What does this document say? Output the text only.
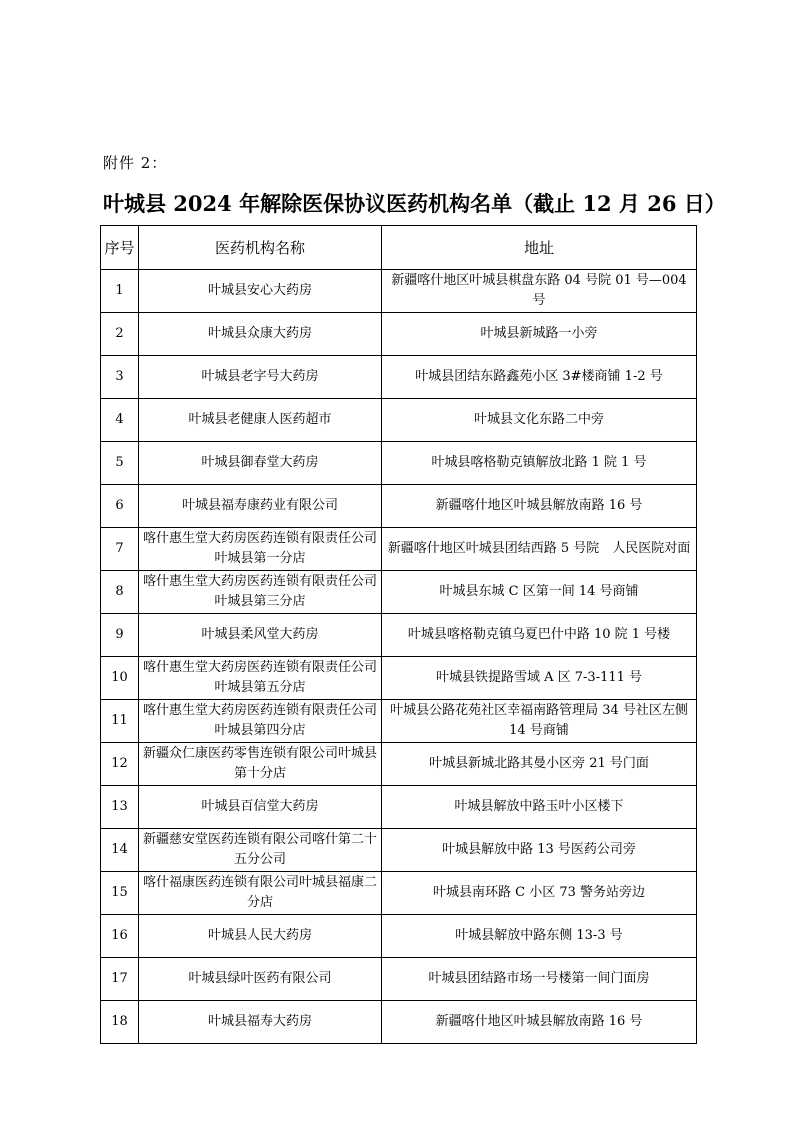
附件 2：
叶城县 2024 年解除医保协议医药机构名单（截止 12 月 26 日）
序号	医药机构名称	地址
1	叶城县安心大药房	新疆喀什地区叶城县棋盘东路 04 号院 01 号—004 号
2	叶城县众康大药房	叶城县新城路一小旁
3	叶城县老字号大药房	叶城县团结东路鑫苑小区 3#楼商铺 1-2 号
4	叶城县老健康人医药超市	叶城县文化东路二中旁
5	叶城县御春堂大药房	叶城县喀格勒克镇解放北路 1 院 1 号
6	叶城县福寿康药业有限公司	新疆喀什地区叶城县解放南路 16 号
7	喀什惠生堂大药房医药连锁有限责任公司叶城县第一分店	新疆喀什地区叶城县团结西路 5 号院　人民医院对面
8	喀什惠生堂大药房医药连锁有限责任公司叶城县第三分店	叶城县东城 C 区第一间 14 号商铺
9	叶城县柔风堂大药房	叶城县喀格勒克镇乌夏巴什中路 10 院 1 号楼
10	喀什惠生堂大药房医药连锁有限责任公司叶城县第五分店	叶城县铁提路雪域 A 区 7-3-111 号
11	喀什惠生堂大药房医药连锁有限责任公司叶城县第四分店	叶城县公路花苑社区幸福南路管理局 34 号社区左侧 14 号商铺
12	新疆众仁康医药零售连锁有限公司叶城县第十分店	叶城县新城北路其曼小区旁 21 号门面
13	叶城县百信堂大药房	叶城县解放中路玉叶小区楼下
14	新疆慈安堂医药连锁有限公司喀什第二十五分公司	叶城县解放中路 13 号医药公司旁
15	喀什福康医药连锁有限公司叶城县福康二分店	叶城县南环路 C 小区 73 警务站旁边
16	叶城县人民大药房	叶城县解放中路东侧 13-3 号
17	叶城县绿叶医药有限公司	叶城县团结路市场一号楼第一间门面房
18	叶城县福寿大药房	新疆喀什地区叶城县解放南路 16 号
